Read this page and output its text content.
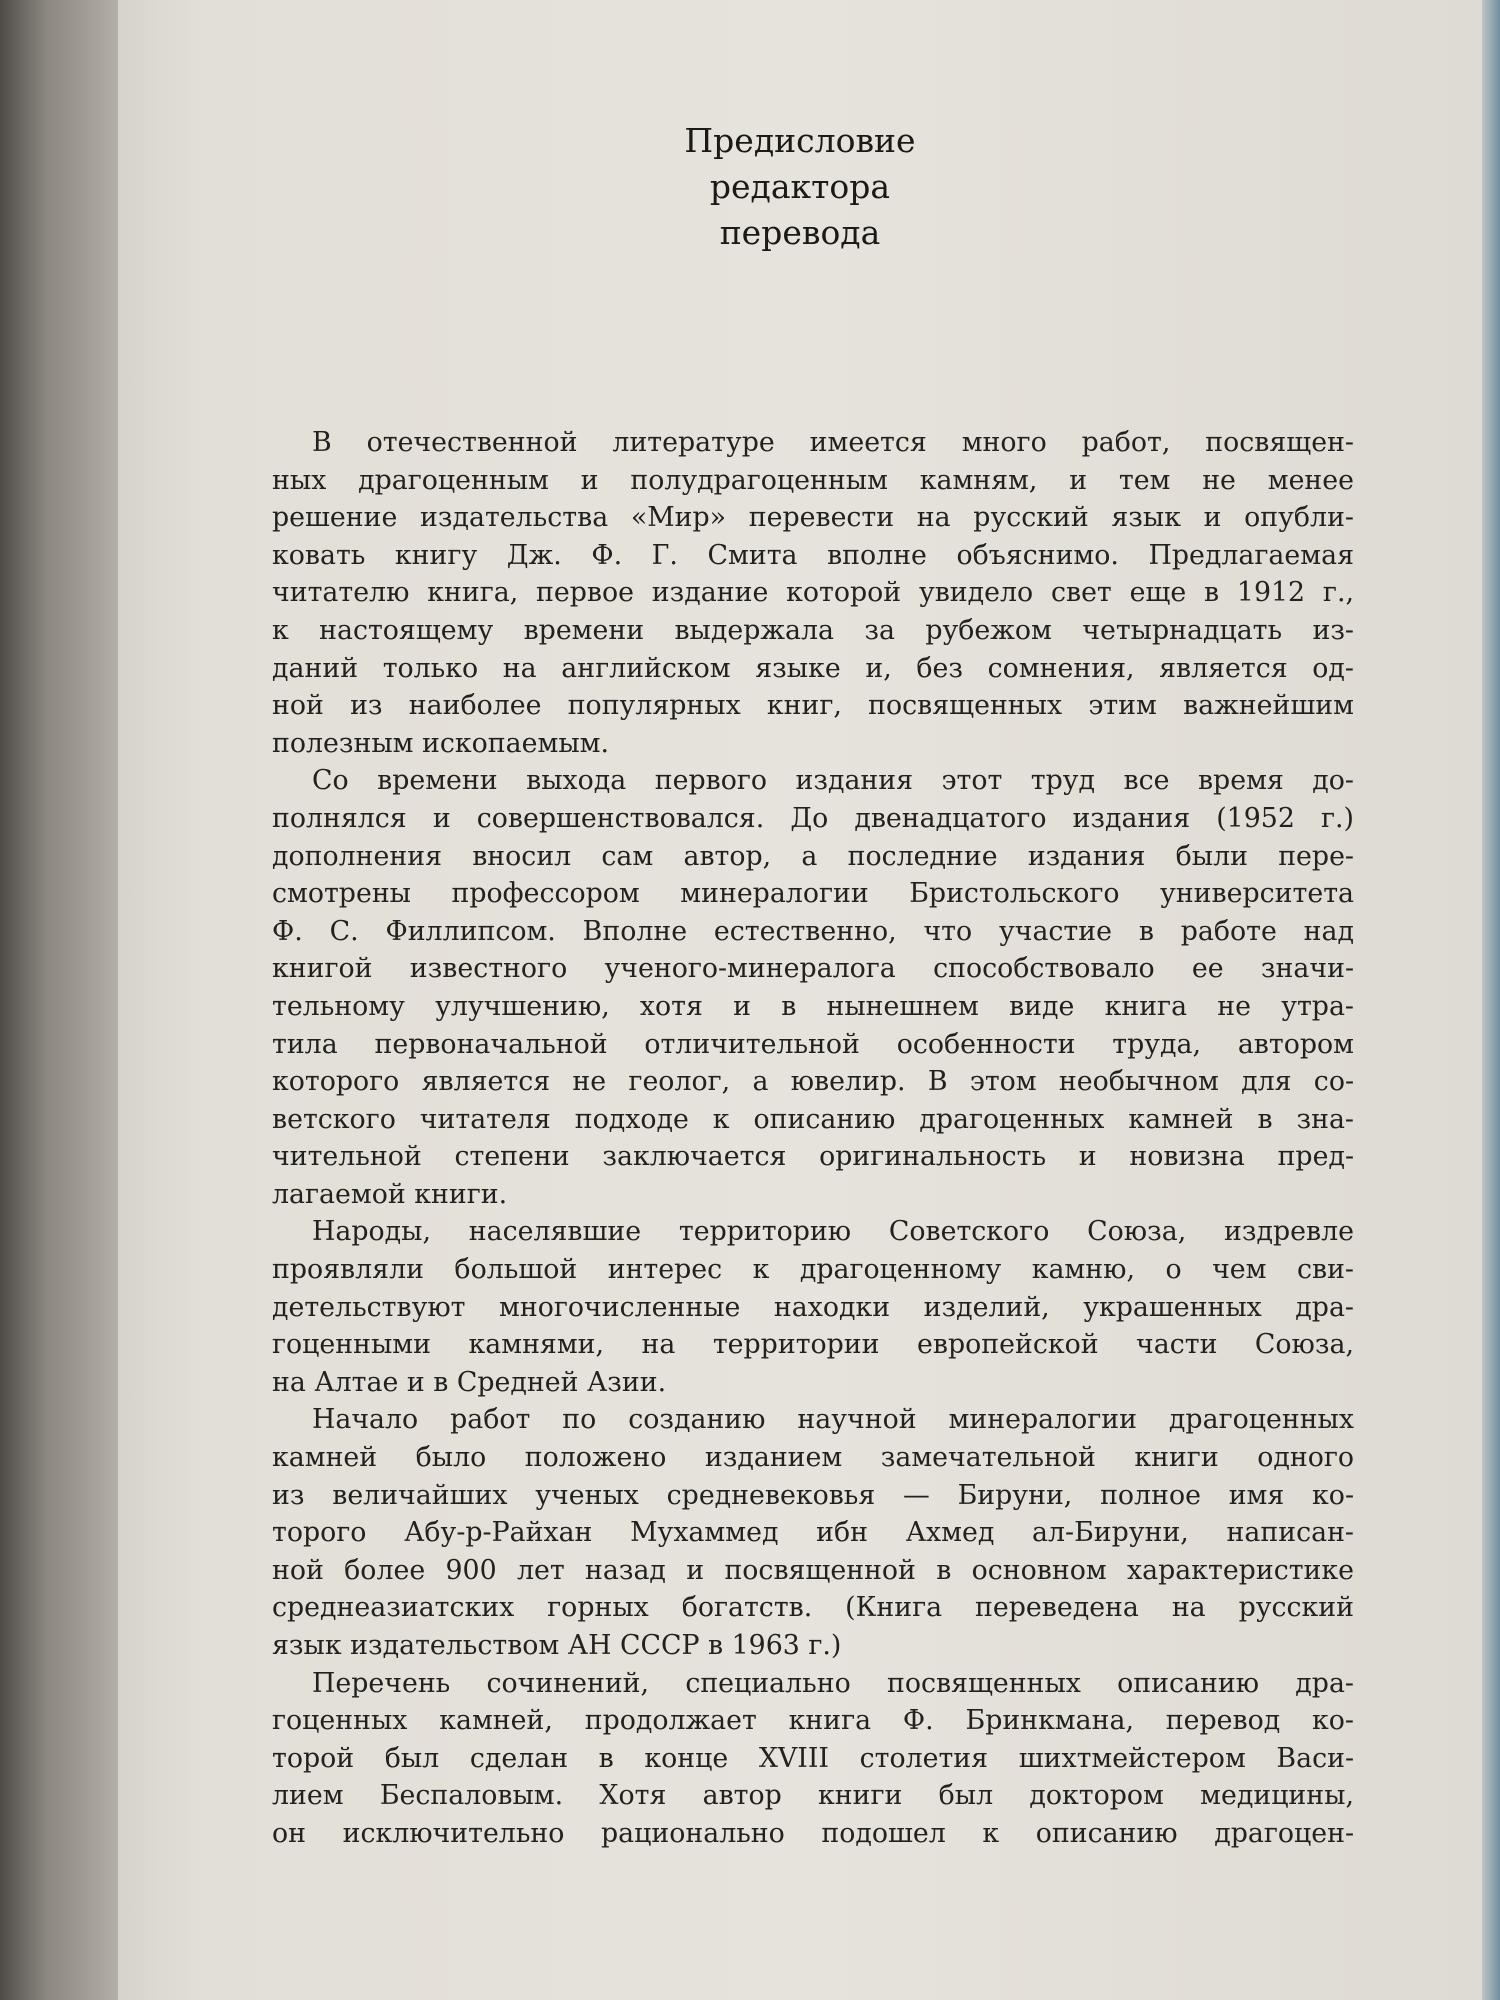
Предисловие
редактора
перевода
В отечественной литературе имеется много работ, посвящен-
ных драгоценным и полудрагоценным камням, и тем не менее
решение издательства «Мир» перевести на русский язык и опубли-
ковать книгу Дж. Ф. Г. Смита вполне объяснимо. Предлагаемая
читателю книга, первое издание которой увидело свет еще в 1912 г.,
к настоящему времени выдержала за рубежом четырнадцать из-
даний только на английском языке и, без сомнения, является од-
ной из наиболее популярных книг, посвященных этим важнейшим
полезным ископаемым.
Со времени выхода первого издания этот труд все время до-
полнялся и совершенствовался. До двенадцатого издания (1952 г.)
дополнения вносил сам автор, а последние издания были пере-
смотрены профессором минералогии Бристольского университета
Ф. С. Филлипсом. Вполне естественно, что участие в работе над
книгой известного ученого-минералога способствовало ее значи-
тельному улучшению, хотя и в нынешнем виде книга не утра-
тила первоначальной отличительной особенности труда, автором
которого является не геолог, а ювелир. В этом необычном для со-
ветского читателя подходе к описанию драгоценных камней в зна-
чительной степени заключается оригинальность и новизна пред-
лагаемой книги.
Народы, населявшие территорию Советского Союза, издревле
проявляли большой интерес к драгоценному камню, о чем сви-
детельствуют многочисленные находки изделий, украшенных дра-
гоценными камнями, на территории европейской части Союза,
на Алтае и в Средней Азии.
Начало работ по созданию научной минералогии драгоценных
камней было положено изданием замечательной книги одного
из величайших ученых средневековья — Бируни, полное имя ко-
торого Абу-р-Райхан Мухаммед ибн Ахмед ал-Бируни, написан-
ной более 900 лет назад и посвященной в основном характеристике
среднеазиатских горных богатств. (Книга переведена на русский
язык издательством АН СССР в 1963 г.)
Перечень сочинений, специально посвященных описанию дра-
гоценных камней, продолжает книга Ф. Бринкмана, перевод ко-
торой был сделан в конце XVIII столетия шихтмейстером Васи-
лием Беспаловым. Хотя автор книги был доктором медицины,
он исключительно рационально подошел к описанию драгоцен-
